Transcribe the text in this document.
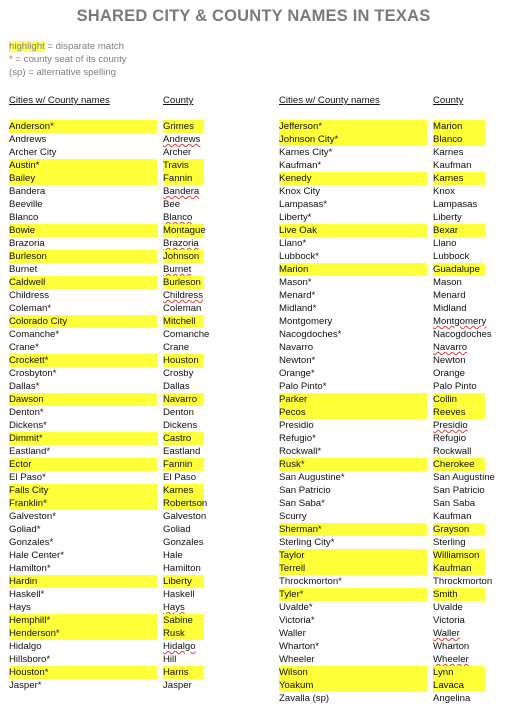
SHARED CITY & COUNTY NAMES IN TEXAS
highlight = disparate match
* = county seat of its county
(sp) = alternative spelling
Cities w/ County names	County
Anderson*	Grimes
Andrews	Andrews
Archer City	Archer
Austin*	Travis
Bailey	Fannin
Bandera	Bandera
Beeville	Bee
Blanco	Blanco
Bowie	Montague
Brazoria	Brazoria
Burleson	Johnson
Burnet	Burnet
Caldwell	Burleson
Childress	Childress
Coleman*	Coleman
Colorado City	Mitchell
Comanche*	Comanche
Crane*	Crane
Crockett*	Houston
Crosbyton*	Crosby
Dallas*	Dallas
Dawson	Navarro
Denton*	Denton
Dickens*	Dickens
Dimmit*	Castro
Eastland*	Eastland
Ector	Fannin
El Paso*	El Paso
Falls City	Karnes
Franklin*	Robertson
Galveston*	Galveston
Goliad*	Goliad
Gonzales*	Gonzales
Hale Center*	Hale
Hamilton*	Hamilton
Hardin	Liberty
Haskell*	Haskell
Hays	Hays
Hemphill*	Sabine
Henderson*	Rusk
Hidalgo	Hidalgo
Hillsboro*	Hill
Houston*	Harris
Jasper*	Jasper
Cities w/ County names	County
Jefferson*	Marion
Johnson City*	Blanco
Karnes City*	Karnes
Kaufman*	Kaufman
Kenedy	Karnes
Knox City	Knox
Lampasas*	Lampasas
Liberty*	Liberty
Live Oak	Bexar
Llano*	Llano
Lubbock*	Lubbock
Marion	Guadalupe
Mason*	Mason
Menard*	Menard
Midland*	Midland
Montgomery	Montgomery
Nacogdoches*	Nacogdoches
Navarro	Navarro
Newton*	Newton
Orange*	Orange
Palo Pinto*	Palo Pinto
Parker	Collin
Pecos	Reeves
Presidio	Presidio
Refugio*	Refugio
Rockwall*	Rockwall
Rusk*	Cherokee
San Augustine*	San Augustine
San Patricio	San Patricio
San Saba*	San Saba
Scurry	Kaufman
Sherman*	Grayson
Sterling City*	Sterling
Taylor	Williamson
Terrell	Kaufman
Throckmorton*	Throckmorton
Tyler*	Smith
Uvalde*	Uvalde
Victoria*	Victoria
Waller	Waller
Wharton*	Wharton
Wheeler	Wheeler
Wilson	Lynn
Yoakum	Lavaca
Zavalla (sp)	Angelina
